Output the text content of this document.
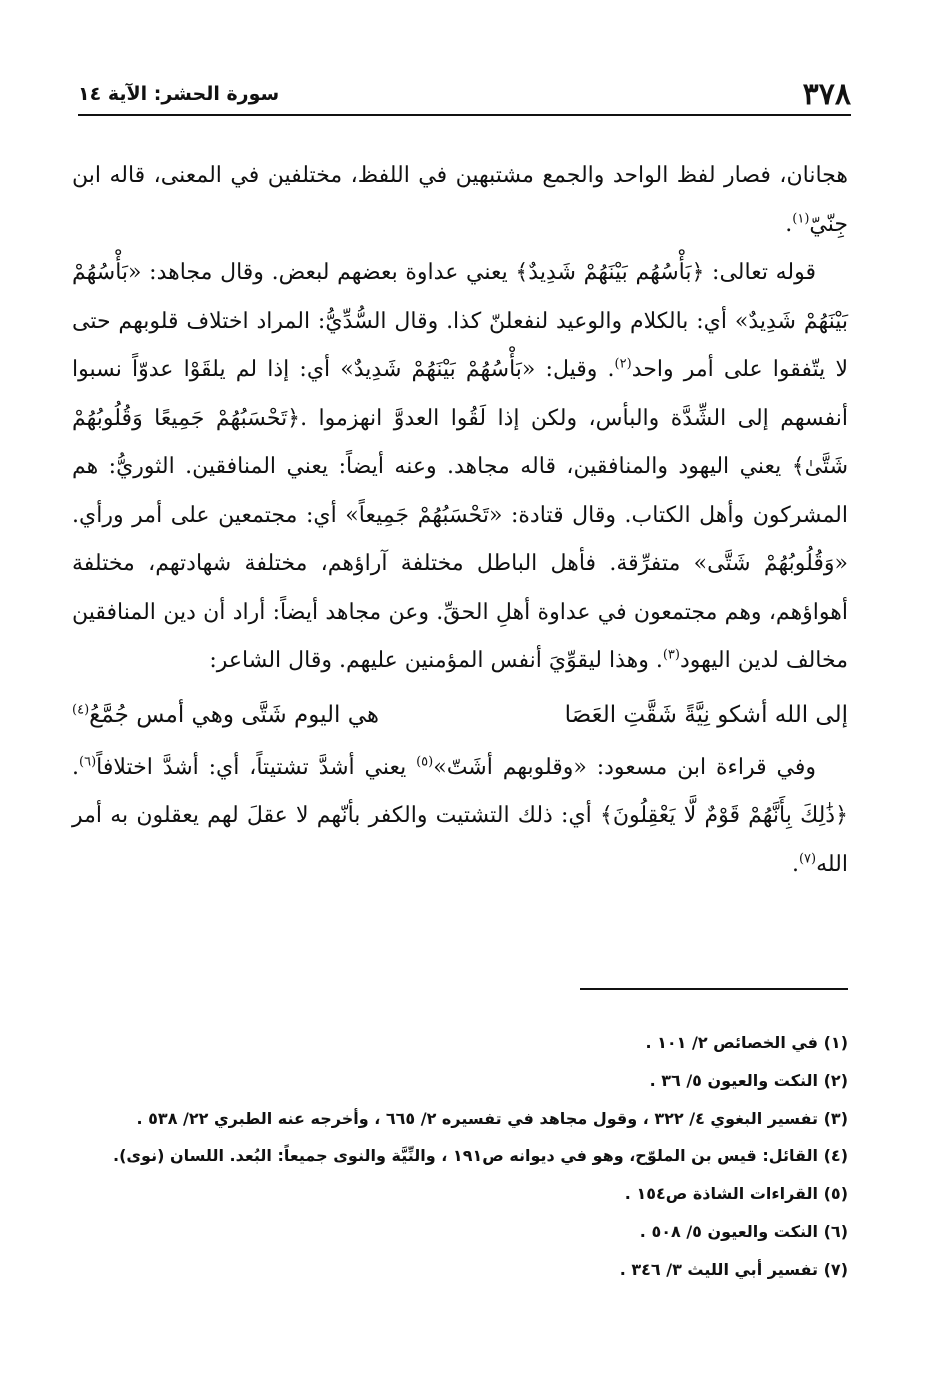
٣٧٨
سورة الحشر: الآية ١٤

هجانان، فصار لفظ الواحد والجمع مشتبهين في اللفظ، مختلفين في المعنى، قاله ابن جِنّيّ$^{(١)}$.

قوله تعالى: ﴿بَأْسُهُم بَيْنَهُمْ شَدِيدٌ﴾ يعني عداوة بعضهم لبعض. وقال مجاهد: «بَأْسُهُمْ بَيْنَهُمْ شَدِيدٌ» أي: بالكلام والوعيد لنفعلنّ كذا. وقال السُّدِّيُّ: المراد اختلاف قلوبهم حتى لا يتّفقوا على أمر واحد$^{(٢)}$. وقيل: «بَأْسُهُمْ بَيْنَهُمْ شَدِيدٌ» أي: إذا لم يلقَوْا عدوّاً نسبوا أنفسهم إلى الشِّدَّة والبأس، ولكن إذا لَقُوا العدوَّ انهزموا .﴿تَحْسَبُهُمْ جَمِيعًا وَقُلُوبُهُمْ شَتَّىٰ﴾ يعني اليهود والمنافقين، قاله مجاهد. وعنه أيضاً: يعني المنافقين. الثوريُّ: هم المشركون وأهل الكتاب. وقال قتادة: «تَحْسَبُهُمْ جَمِيعاً» أي: مجتمعين على أمر ورأي. «وَقُلُوبُهُمْ شَتَّى» متفرِّقة. فأهل الباطل مختلفة آراؤهم، مختلفة شهادتهم، مختلفة أهواؤهم، وهم مجتمعون في عداوة أهلِ الحقِّ. وعن مجاهد أيضاً: أراد أن دين المنافقين مخالف لدين اليهود$^{(٣)}$. وهذا ليقوِّيَ أنفس المؤمنين عليهم. وقال الشاعر:

إلى الله أشكو نِيَّةً شَقَّتِ العَصَا
هي اليوم شَتَّى وهي أمس جُمَّعُ$^{(٤)}$

وفي قراءة ابن مسعود: «وقلوبهم أشَتّ»$^{(٥)}$ يعني أشدَّ تشتيتاً، أي: أشدَّ اختلافاً$^{(٦)}$. ﴿ذَٰلِكَ بِأَنَّهُمْ قَوْمٌ لَّا يَعْقِلُونَ﴾ أي: ذلك التشتيت والكفر بأنّهم لا عقلَ لهم يعقلون به أمر الله$^{(٧)}$.

(١) في الخصائص ٢/ ١٠١ .
(٢) النكت والعيون ٥/ ٣٦ .
(٣) تفسير البغوي ٤/ ٣٢٢ ، وقول مجاهد في تفسيره ٢/ ٦٦٥ ، وأخرجه عنه الطبري ٢٢/ ٥٣٨ .
(٤) القائل: قيس بن الملوّح، وهو في ديوانه ص١٩١ ، والنِّيَّة والنوى جميعاً: البُعد. اللسان (نوى).
(٥) القراءات الشاذة ص١٥٤ .
(٦) النكت والعيون ٥/ ٥٠٨ .
(٧) تفسير أبي الليث ٣/ ٣٤٦ .
